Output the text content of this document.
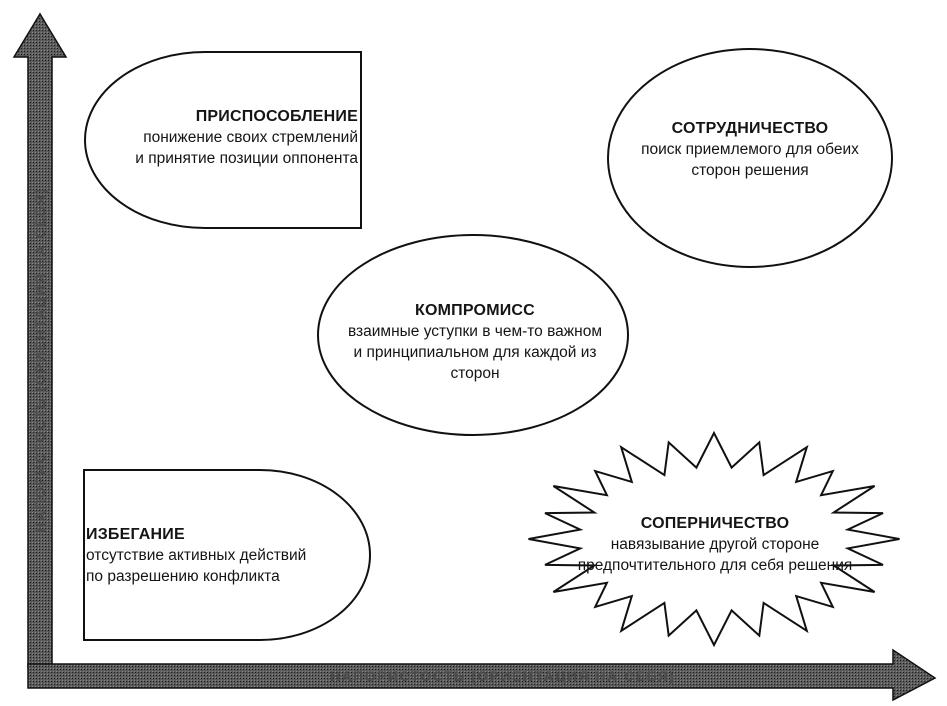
НАПОРИСТОСТЬ (ОРИЕНТАЦИЯ НА СЕБЯ)
НАПОРИСТОСТЬ (ОРИЕНТАЦИЯ НА СЕБЯ)
ПРИСПОСОБЛЕНИЕ
понижение своих стремлений
и принятие позиции оппонента
СОТРУДНИЧЕСТВО
поиск приемлемого для обеих
сторон решения
КОМПРОМИСС
взаимные уступки в чем-то важном
и принципиальном для каждой из
сторон
ИЗБЕГАНИЕ
отсутствие активных действий
по разрешению конфликта
СОПЕРНИЧЕСТВО
навязывание другой стороне
предпочтительного для себя решения
